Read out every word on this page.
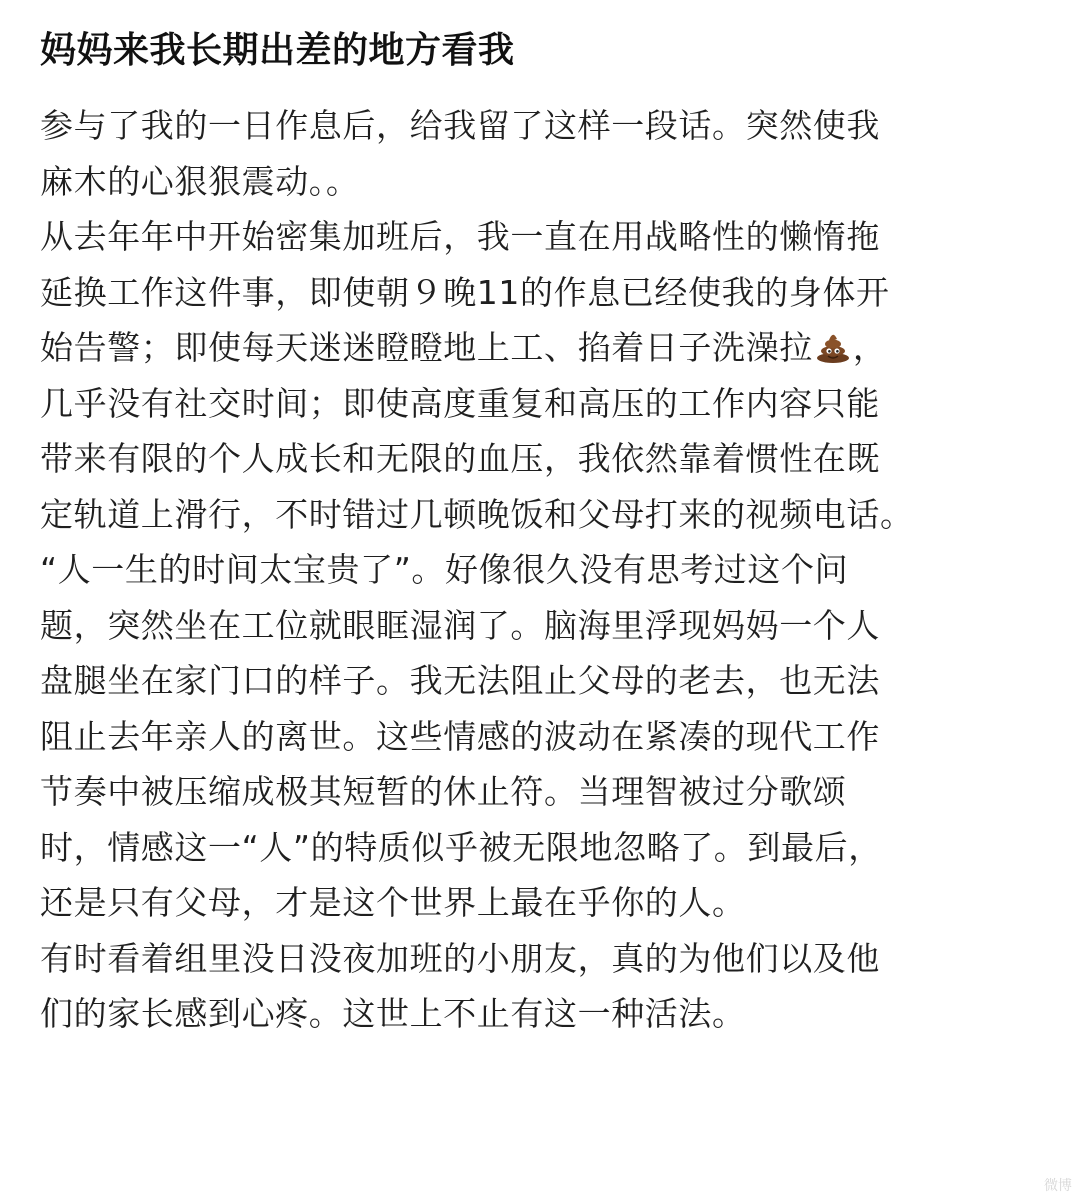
妈妈来我长期出差的地方看我
参与了我的一日作息后，给我留了这样一段话。突然使我
麻木的心狠狠震动。。
从去年年中开始密集加班后，我一直在用战略性的懒惰拖
延换工作这件事，即使朝９晚11的作息已经使我的身体开
始告警；即使每天迷迷瞪瞪地上工、掐着日子洗澡拉 ，
几乎没有社交时间；即使高度重复和高压的工作内容只能
带来有限的个人成长和无限的血压，我依然靠着惯性在既
定轨道上滑行，不时错过几顿晚饭和父母打来的视频电话。
“人一生的时间太宝贵了”。好像很久没有思考过这个问
题，突然坐在工位就眼眶湿润了。脑海里浮现妈妈一个人
盘腿坐在家门口的样子。我无法阻止父母的老去，也无法
阻止去年亲人的离世。这些情感的波动在紧凑的现代工作
节奏中被压缩成极其短暂的休止符。当理智被过分歌颂
时，情感这一“人”的特质似乎被无限地忽略了。到最后，
还是只有父母，才是这个世界上最在乎你的人。
有时看着组里没日没夜加班的小朋友，真的为他们以及他
们的家长感到心疼。这世上不止有这一种活法。
微博
